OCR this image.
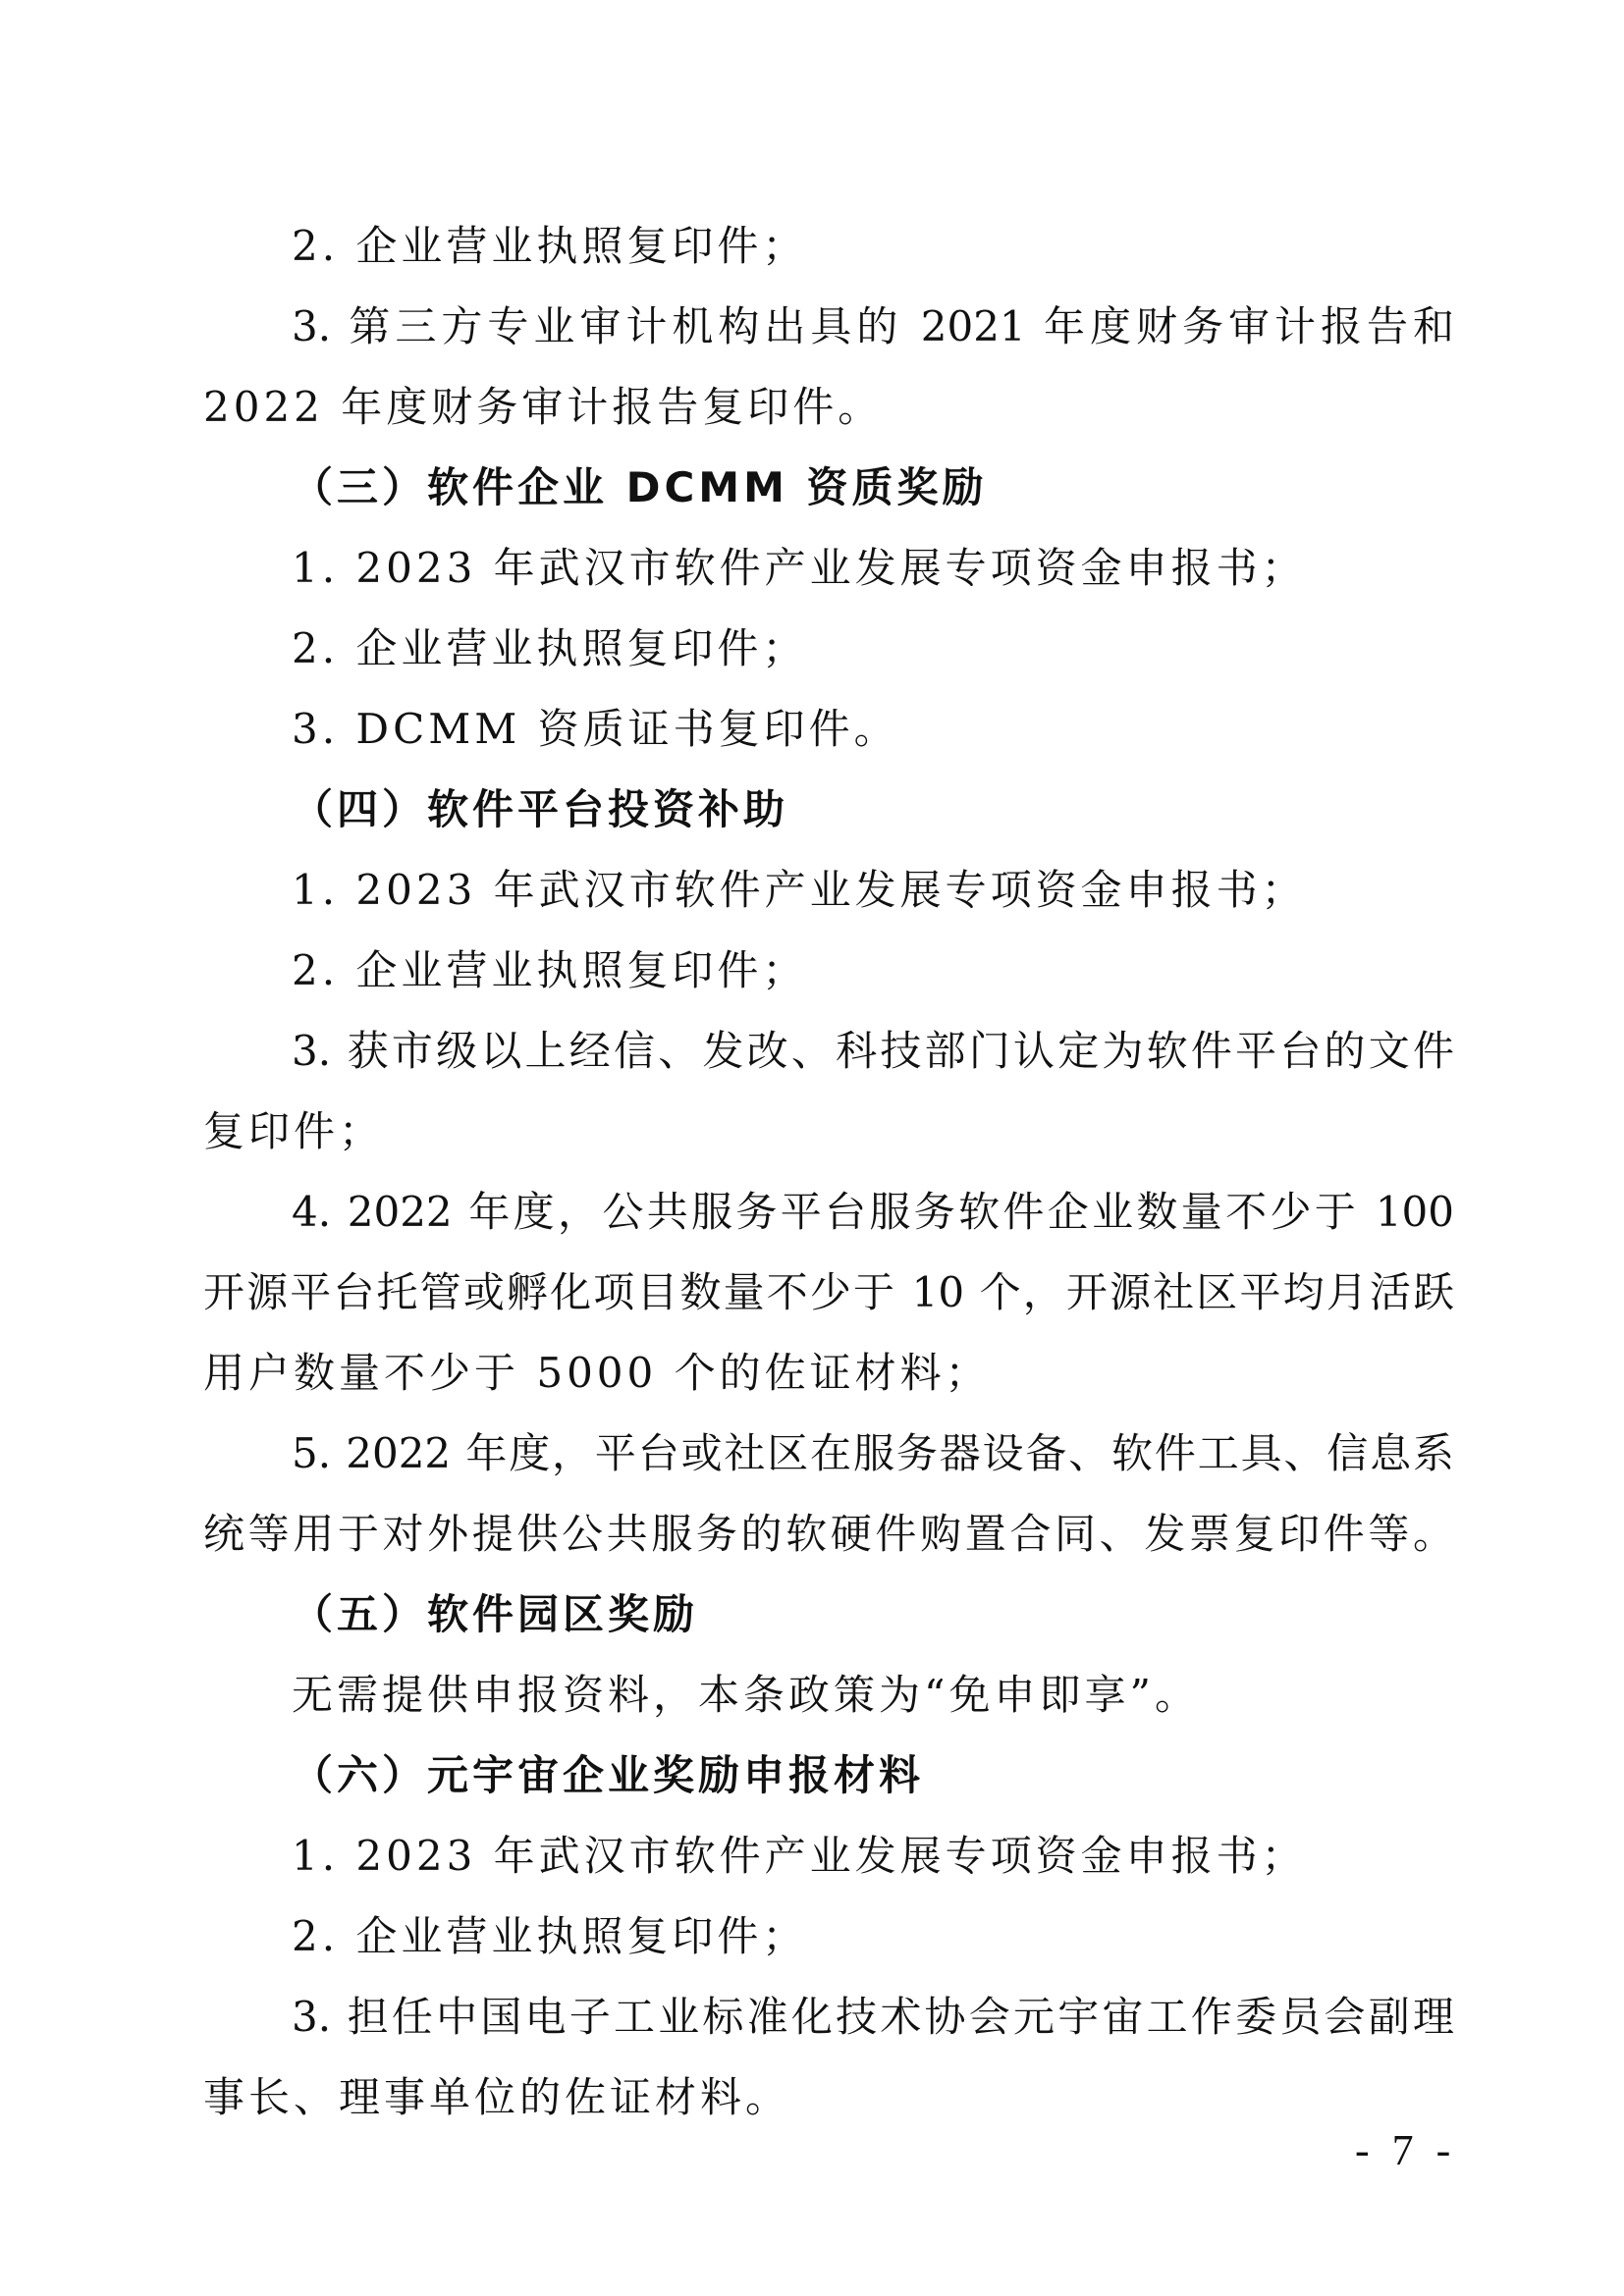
2. 企业营业执照复印件；
3. 第三方专业审计机构出具的 2021 年度财务审计报告和
2022 年度财务审计报告复印件。
（三）软件企业 DCMM 资质奖励
1. 2023 年武汉市软件产业发展专项资金申报书；
2. 企业营业执照复印件；
3. DCMM 资质证书复印件。
（四）软件平台投资补助
1. 2023 年武汉市软件产业发展专项资金申报书；
2. 企业营业执照复印件；
3. 获市级以上经信、发改、科技部门认定为软件平台的文件
复印件；
4. 2022 年度，公共服务平台服务软件企业数量不少于 100
开源平台托管或孵化项目数量不少于 10 个，开源社区平均月活跃
用户数量不少于 5000 个的佐证材料；
5. 2022 年度，平台或社区在服务器设备、软件工具、信息系
统等用于对外提供公共服务的软硬件购置合同、发票复印件等。
（五）软件园区奖励
无需提供申报资料，本条政策为“免申即享”。
（六）元宇宙企业奖励申报材料
1. 2023 年武汉市软件产业发展专项资金申报书；
2. 企业营业执照复印件；
3. 担任中国电子工业标准化技术协会元宇宙工作委员会副理
事长、理事单位的佐证材料。
- 7 -
